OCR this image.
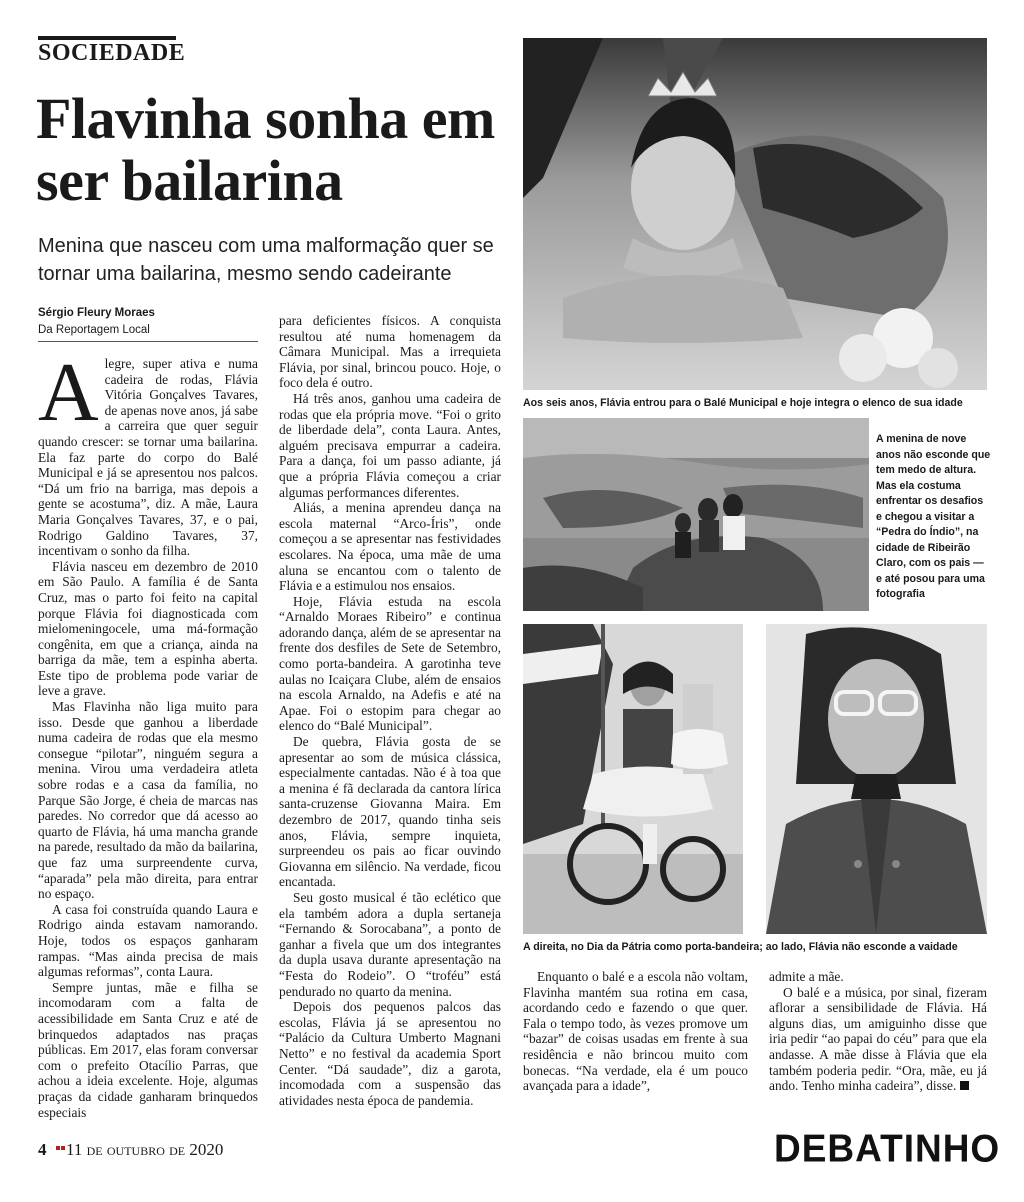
SOCIEDADE
Flavinha sonha em ser bailarina
Menina que nasceu com uma malformação quer se tornar uma bailarina, mesmo sendo cadeirante
Sérgio Fleury Moraes
Da Reportagem Local

Alegre, super ativa e numa cadeira de rodas, Flávia Vitória Gonçalves Tavares, de apenas nove anos, já sabe a carreira que quer seguir quando crescer: se tornar uma bailarina. Ela faz parte do corpo do Balé Municipal e já se apresentou nos palcos. “Dá um frio na barriga, mas depois a gente se acostuma”, diz. A mãe, Laura Maria Gonçalves Tavares, 37, e o pai, Rodrigo Galdino Tavares, 37, incentivam o sonho da filha.

Flávia nasceu em dezembro de 2010 em São Paulo. A família é de Santa Cruz, mas o parto foi feito na capital porque Flávia foi diagnosticada com mielomeningocele, uma má-formação congênita, em que a criança, ainda na barriga da mãe, tem a espinha aberta. Este tipo de problema pode variar de leve a grave.

Mas Flavinha não liga muito para isso. Desde que ganhou a liberdade numa cadeira de rodas que ela mesmo consegue “pilotar”, ninguém segura a menina. Virou uma verdadeira atleta sobre rodas e a casa da família, no Parque São Jorge, é cheia de marcas nas paredes. No corredor que dá acesso ao quarto de Flávia, há uma mancha grande na parede, resultado da mão da bailarina, que faz uma surpreendente curva, “aparada” pela mão direita, para entrar no espaço.

A casa foi construída quando Laura e Rodrigo ainda estavam namorando. Hoje, todos os espaços ganharam rampas. “Mas ainda precisa de mais algumas reformas”, conta Laura.

Sempre juntas, mãe e filha se incomodaram com a falta de acessibilidade em Santa Cruz e até de brinquedos adaptados nas praças públicas. Em 2017, elas foram conversar com o prefeito Otacílio Parras, que achou a ideia excelente. Hoje, algumas praças da cidade ganharam brinquedos especiais

para deficientes físicos. A conquista resultou até numa homenagem da Câmara Municipal. Mas a irrequieta Flávia, por sinal, brincou pouco. Hoje, o foco dela é outro.

Há três anos, ganhou uma cadeira de rodas que ela própria move. “Foi o grito de liberdade dela”, conta Laura. Antes, alguém precisava empurrar a cadeira. Para a dança, foi um passo adiante, já que a própria Flávia começou a criar algumas performances diferentes.

Aliás, a menina aprendeu dança na escola maternal “Arco-Íris”, onde começou a se apresentar nas festividades escolares. Na época, uma mãe de uma aluna se encantou com o talento de Flávia e a estimulou nos ensaios.

Hoje, Flávia estuda na escola “Arnaldo Moraes Ribeiro” e continua adorando dança, além de se apresentar na frente dos desfiles de Sete de Setembro, como porta-bandeira. A garotinha teve aulas no Icaiçara Clube, além de ensaios na escola Arnaldo, na Adefis e até na Apae. Foi o estopim para chegar ao elenco do “Balé Municipal”.

De quebra, Flávia gosta de se apresentar ao som de música clássica, especialmente cantadas. Não é à toa que a menina é fã declarada da cantora lírica santa-cruzense Giovanna Maira. Em dezembro de 2017, quando tinha seis anos, Flávia, sempre inquieta, surpreendeu os pais ao ficar ouvindo Giovanna em silêncio. Na verdade, ficou encantada.

Seu gosto musical é tão eclético que ela também adora a dupla sertaneja “Fernando & Sorocabana”, a ponto de ganhar a fivela que um dos integrantes da dupla usava durante apresentação na “Festa do Rodeio”. O “troféu” está pendurado no quarto da menina.

Depois dos pequenos palcos das escolas, Flávia já se apresentou no “Palácio da Cultura Umberto Magnani Netto” e no festival da academia Sport Center. “Dá saudade”, diz a garota, incomodada com a suspensão das atividades nesta época de pandemia.

Enquanto o balé e a escola não voltam, Flavinha mantém sua rotina em casa, acordando cedo e fazendo o que quer. Fala o tempo todo, às vezes promove um “bazar” de coisas usadas em frente à sua residência e não brincou muito com bonecas. “Na verdade, ela é um pouco avançada para a idade”,

admite a mãe.

O balé e a música, por sinal, fizeram aflorar a sensibilidade de Flávia. Há alguns dias, um amiguinho disse que iria pedir “ao papai do céu” para que ela andasse. A mãe disse à Flávia que ela também poderia pedir. “Ora, mãe, eu já ando. Tenho minha cadeira”, disse.

Aos seis anos, Flávia entrou para o Balé Municipal e hoje integra o elenco de sua idade
A menina de nove anos não esconde que tem medo de altura. Mas ela costuma enfrentar os desafios e chegou a visitar a “Pedra do Índio”, na cidade de Ribeirão Claro, com os pais — e até posou para uma fotografia
A direita, no Dia da Pátria como porta-bandeira; ao lado, Flávia não esconde a vaidade
4 11 de outubro de 2020	DEBATINHO
